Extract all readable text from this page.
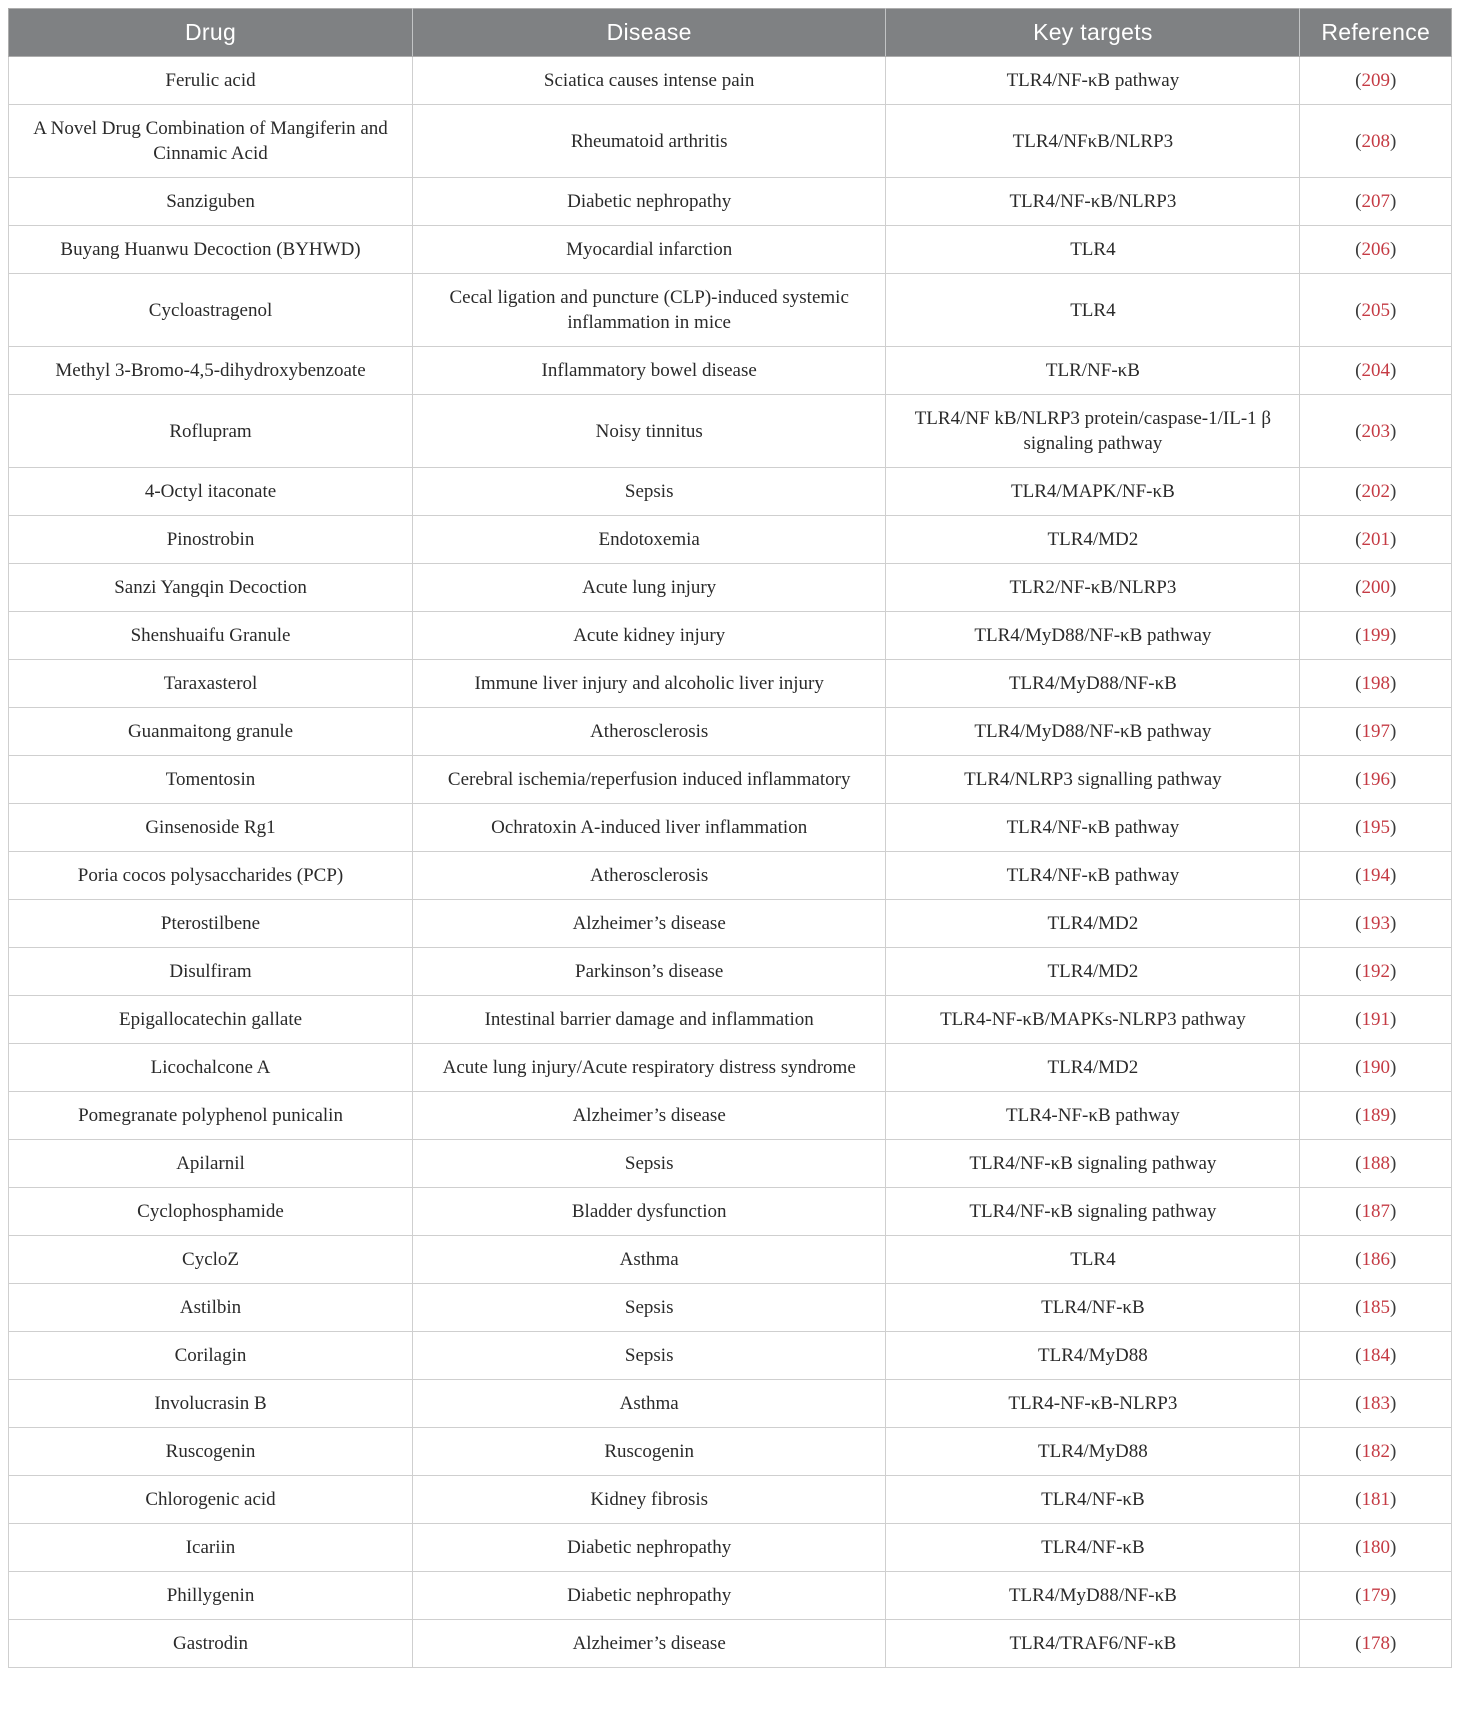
Drug	Disease	Key targets	Reference
Ferulic acid	Sciatica causes intense pain	TLR4/NF-κB pathway	(209)
A Novel Drug Combination of Mangiferin and Cinnamic Acid	Rheumatoid arthritis	TLR4/NFκB/NLRP3	(208)
Sanziguben	Diabetic nephropathy	TLR4/NF-κB/NLRP3	(207)
Buyang Huanwu Decoction (BYHWD)	Myocardial infarction	TLR4	(206)
Cycloastragenol	Cecal ligation and puncture (CLP)-induced systemic inflammation in mice	TLR4	(205)
Methyl 3-Bromo-4,5-dihydroxybenzoate	Inflammatory bowel disease	TLR/NF-κB	(204)
Roflupram	Noisy tinnitus	TLR4/NF kB/NLRP3 protein/caspase-1/IL-1 β signaling pathway	(203)
4-Octyl itaconate	Sepsis	TLR4/MAPK/NF-κB	(202)
Pinostrobin	Endotoxemia	TLR4/MD2	(201)
Sanzi Yangqin Decoction	Acute lung injury	TLR2/NF-κB/NLRP3	(200)
Shenshuaifu Granule	Acute kidney injury	TLR4/MyD88/NF-κB pathway	(199)
Taraxasterol	Immune liver injury and alcoholic liver injury	TLR4/MyD88/NF-κB	(198)
Guanmaitong granule	Atherosclerosis	TLR4/MyD88/NF-κB pathway	(197)
Tomentosin	Cerebral ischemia/reperfusion induced inflammatory	TLR4/NLRP3 signalling pathway	(196)
Ginsenoside Rg1	Ochratoxin A-induced liver inflammation	TLR4/NF-κB pathway	(195)
Poria cocos polysaccharides (PCP)	Atherosclerosis	TLR4/NF-κB pathway	(194)
Pterostilbene	Alzheimer’s disease	TLR4/MD2	(193)
Disulfiram	Parkinson’s disease	TLR4/MD2	(192)
Epigallocatechin gallate	Intestinal barrier damage and inflammation	TLR4-NF-κB/MAPKs-NLRP3 pathway	(191)
Licochalcone A	Acute lung injury/Acute respiratory distress syndrome	TLR4/MD2	(190)
Pomegranate polyphenol punicalin	Alzheimer’s disease	TLR4-NF-κB pathway	(189)
Apilarnil	Sepsis	TLR4/NF-κB signaling pathway	(188)
Cyclophosphamide	Bladder dysfunction	TLR4/NF-κB signaling pathway	(187)
CycloZ	Asthma	TLR4	(186)
Astilbin	Sepsis	TLR4/NF-κB	(185)
Corilagin	Sepsis	TLR4/MyD88	(184)
Involucrasin B	Asthma	TLR4-NF-κB-NLRP3	(183)
Ruscogenin	Ruscogenin	TLR4/MyD88	(182)
Chlorogenic acid	Kidney fibrosis	TLR4/NF-κB	(181)
Icariin	Diabetic nephropathy	TLR4/NF-κB	(180)
Phillygenin	Diabetic nephropathy	TLR4/MyD88/NF-κB	(179)
Gastrodin	Alzheimer’s disease	TLR4/TRAF6/NF-κB	(178)
